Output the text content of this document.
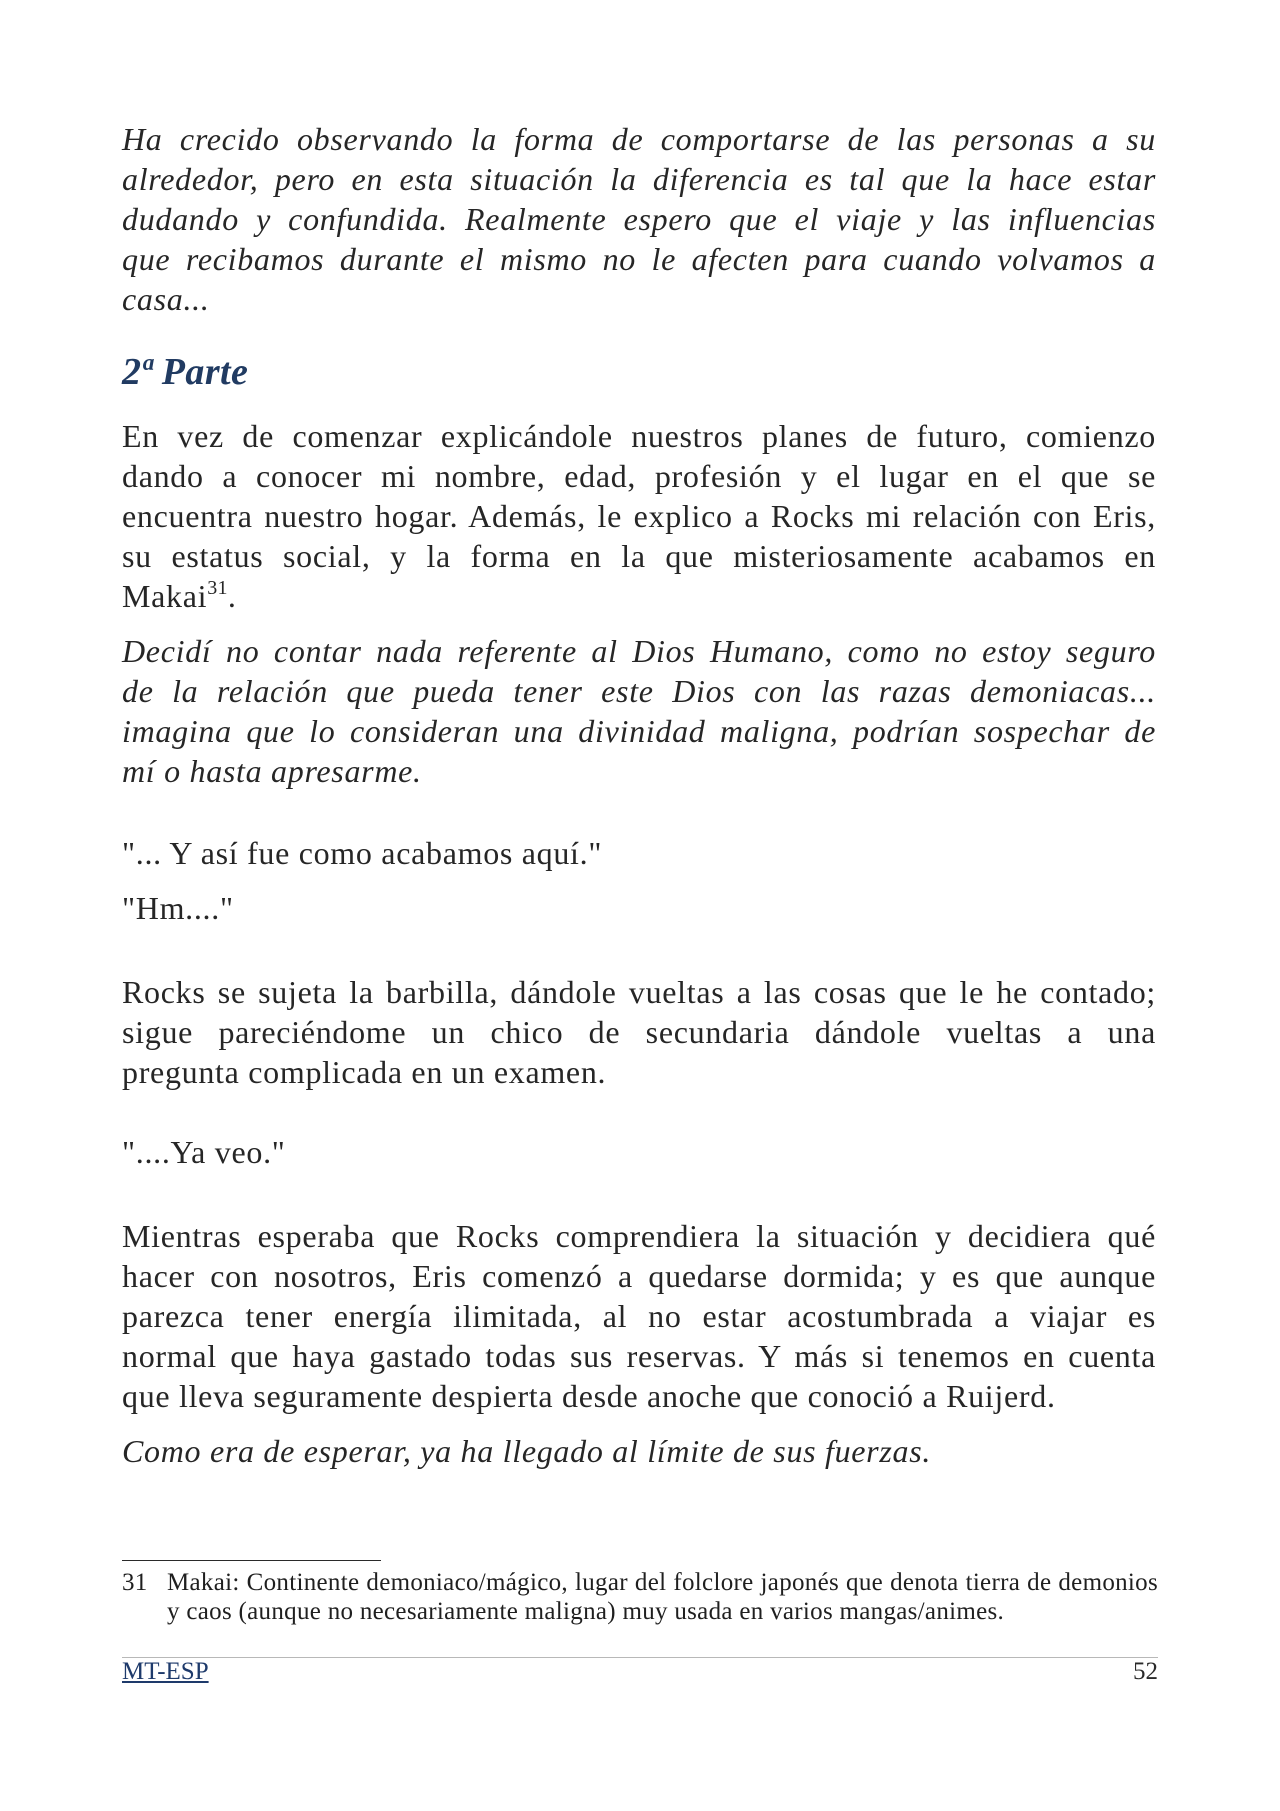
Ha crecido observando la forma de comportarse de las personas a su
alrededor, pero en esta situación la diferencia es tal que la hace estar
dudando y confundida. Realmente espero que el viaje y las influencias
que recibamos durante el mismo no le afecten para cuando volvamos a
casa...
2ª Parte
En vez de comenzar explicándole nuestros planes de futuro, comienzo
dando a conocer mi nombre, edad, profesión y el lugar en el que se
encuentra nuestro hogar. Además, le explico a Rocks mi relación con Eris,
su estatus social, y la forma en la que misteriosamente acabamos en
Makai$^{31}$.
Decidí no contar nada referente al Dios Humano, como no estoy seguro
de la relación que pueda tener este Dios con las razas demoniacas...
imagina que lo consideran una divinidad maligna, podrían sospechar de
mí o hasta apresarme.
"... Y así fue como acabamos aquí."
"Hm...."
Rocks se sujeta la barbilla, dándole vueltas a las cosas que le he contado;
sigue pareciéndome un chico de secundaria dándole vueltas a una
pregunta complicada en un examen.
"....Ya veo."
Mientras esperaba que Rocks comprendiera la situación y decidiera qué
hacer con nosotros, Eris comenzó a quedarse dormida; y es que aunque
parezca tener energía ilimitada, al no estar acostumbrada a viajar es
normal que haya gastado todas sus reservas. Y más si tenemos en cuenta
que lleva seguramente despierta desde anoche que conoció a Ruijerd.
Como era de esperar, ya ha llegado al límite de sus fuerzas.
31 Makai: Continente demoniaco/mágico, lugar del folclore japonés que denota tierra de demonios
y caos (aunque no necesariamente maligna) muy usada en varios mangas/animes.
MT-ESP	52
